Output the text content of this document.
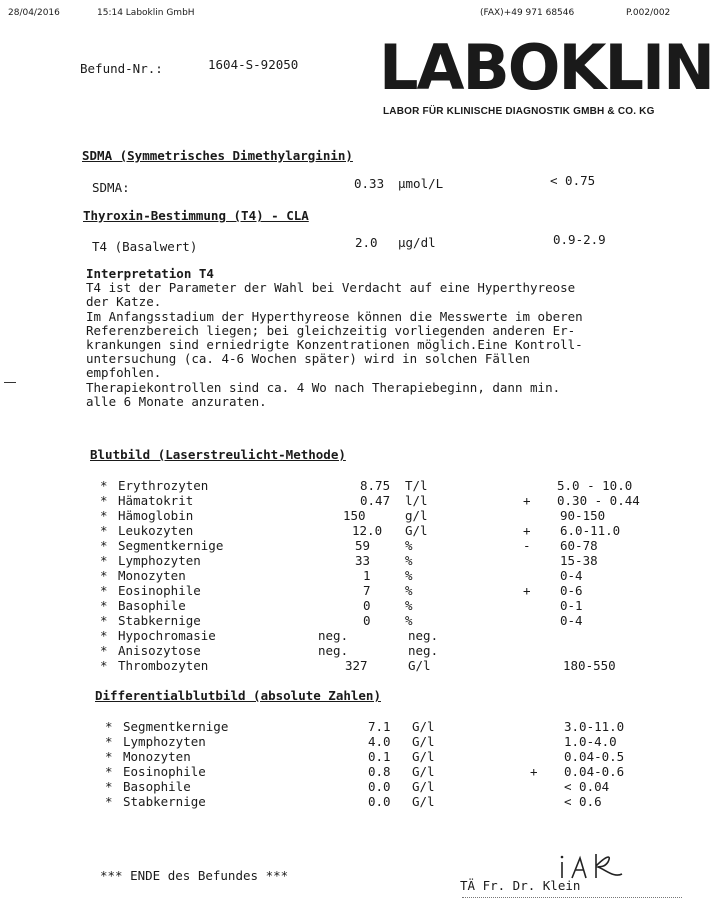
28/04/2016	15:14 Laboklin GmbH	(FAX)+49 971 68546	P.002/002
Befund-Nr.:	1604-S-92050 LABOKLIN
LABOR FÜR KLINISCHE DIAGNOSTIK GMBH & CO. KG
SDMA (Symmetrisches Dimethylarginin)
SDMA:	0.33 µmol/L	< 0.75
Thyroxin-Bestimmung (T4) - CLA
T4 (Basalwert)	2.0 µg/dl	0.9-2.9
Interpretation T4
T4 ist der Parameter der Wahl bei Verdacht auf eine Hyperthyreose
der Katze.
Im Anfangsstadium der Hyperthyreose können die Messwerte im oberen
Referenzbereich liegen; bei gleichzeitig vorliegenden anderen Er-
krankungen sind erniedrigte Konzentrationen möglich.Eine Kontroll-
untersuchung (ca. 4-6 Wochen später) wird in solchen Fällen
empfohlen.
Therapiekontrollen sind ca. 4 Wo nach Therapiebeginn, dann min.
alle 6 Monate anzuraten.
Blutbild (Laserstreulicht-Methode)
* Erythrozyten	8.75 T/l	5.0 - 10.0
* Hämatokrit	0.47 l/l	+ 0.30 - 0.44
* Hämoglobin	150	g/l	90-150
* Leukozyten	12.0 G/l	+ 6.0-11.0
* Segmentkernige	59	%	- 60-78
* Lymphozyten	33	%	15-38
* Monozyten	1	%	0-4
* Eosinophile	7	%	+ 0-6
* Basophile	0	%	0-1
* Stabkernige	0	%	0-4
* Hypochromasie	neg.	neg.
* Anisozytose	neg.	neg.
* Thrombozyten	327	G/l	180-550
Differentialblutbild (absolute Zahlen)
* Segmentkernige	7.1 G/l	3.0-11.0
* Lymphozyten	4.0 G/l	1.0-4.0
* Monozyten	0.1 G/l	0.04-0.5
* Eosinophile	0.8 G/l	+ 0.04-0.6
* Basophile	0.0 G/l	< 0.04
* Stabkernige	0.0 G/l	< 0.6
*** ENDE des Befundes ***
TÄ Fr. Dr. Klein
